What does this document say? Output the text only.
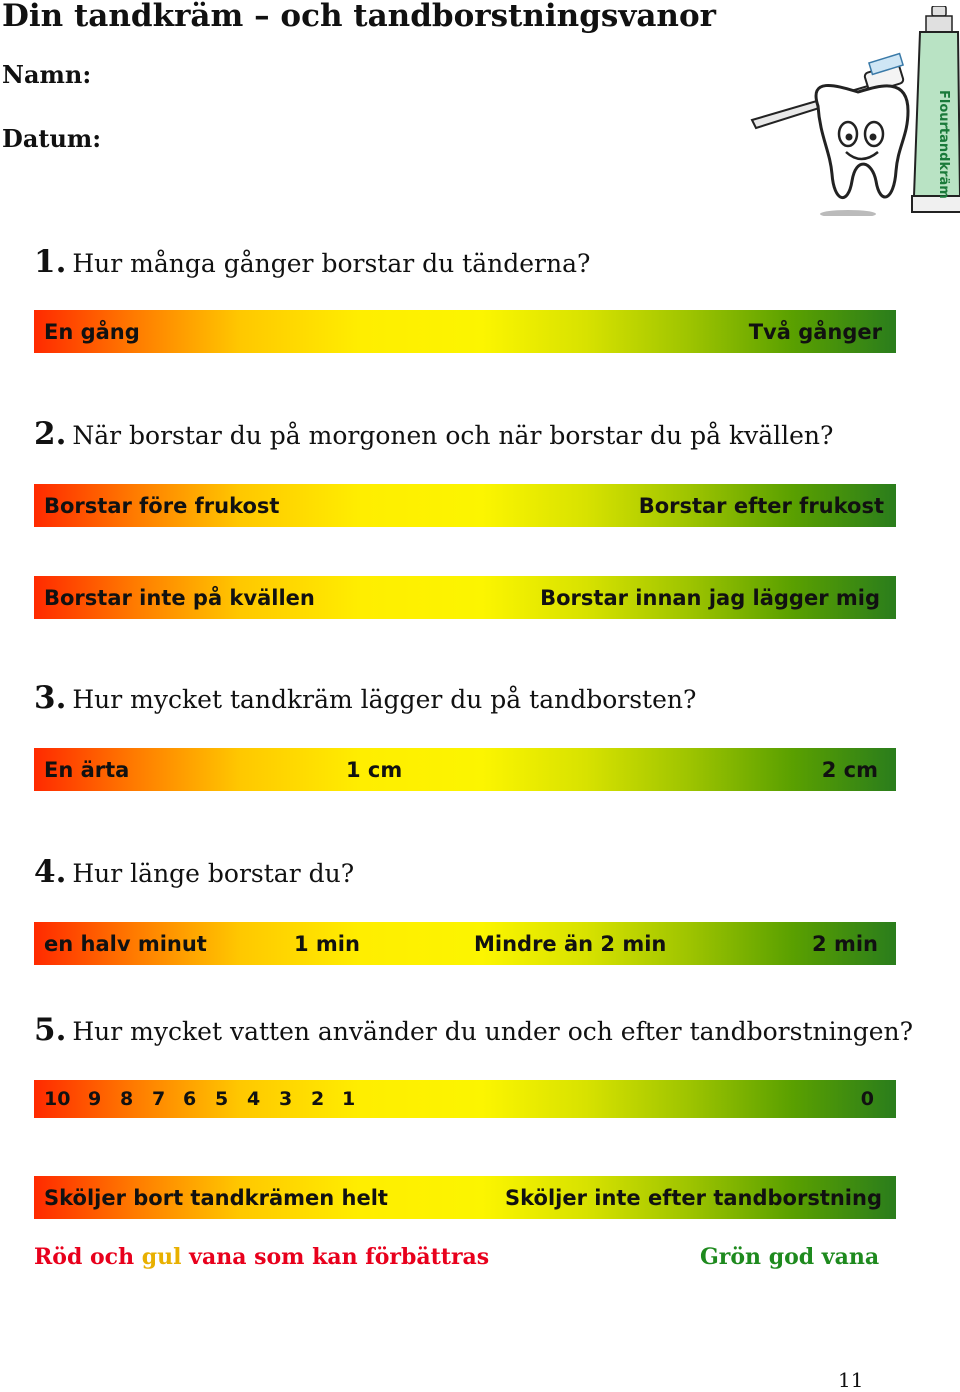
Din tandkräm – och tandborstningsvanor
Namn:
Datum:	Flourtandkräm
1. Hur många gånger borstar du tänderna?
En gång	Två gånger
2. När borstar du på morgonen och när borstar du på kvällen?
Borstar före frukost	Borstar efter frukost
Borstar inte på kvällen	Borstar innan jag lägger mig
3. Hur mycket tandkräm lägger du på tandborsten?
En ärta	1 cm	2 cm
4. Hur länge borstar du?
en halv minut	1 min	Mindre än 2 min	2 min
5. Hur mycket vatten använder du under och efter tandborstningen?
10 9 8 7 6 5 4 3 2 1	0
Sköljer bort tandkrämen helt	Sköljer inte efter tandborstning
Röd och gul vana som kan förbättras	Grön god vana
11
